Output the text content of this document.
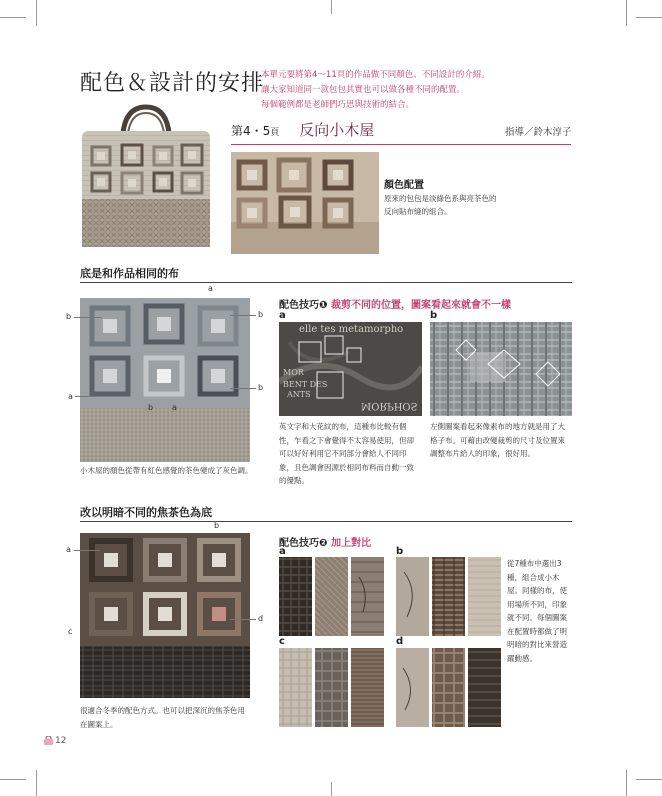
配色＆設計的安排
本單元要將第4～11頁的作品做不同顏色、不同設計的介紹。
讓大家知道同一款包包其實也可以做各種不同的配置。
每個範例都是老師們巧思與技術的結合。
第4・5頁 反向小木屋	指導／鈴木淳子
顏色配置
原來的包包是淡綠色系與亮茶色的
反向貼布縫的組合。
底是和作品相同的布
a
b	b
b
a
b a
小木屋的顏色從帶有紅色感覺的茶色變成了灰色調。
配色技巧❶ 裁剪不同的位置，圖案看起來就會不一樣
a	b
elle tes metamorpho
MOR
BENT DES
ANTS
MORPHOS
英文字和大花紋的布，這種布比較有個
性，乍看之下會覺得不太容易使用，但卻
可以好好利用它不同部分會給人不同印
象，且色調會因源於相同布料而自動一致
的優點。
左側圖案看起來像素布的地方就是用了大
格子布。可藉由改變裁剪的尺寸及位置來
調整布片給人的印象，很好用。
改以明暗不同的焦茶色為底
b
a
d
c
很適合冬季的配色方式。也可以把深沉的焦茶色用
在圖案上。
配色技巧❷ 加上對比
a	b
c	d
從7種布中選出3
種，組合成小木
屋。同樣的布，使
用場所不同，印象
就不同。每個圖案
在配置時都做了明
明暗的對比來營造
躍動感。
12
